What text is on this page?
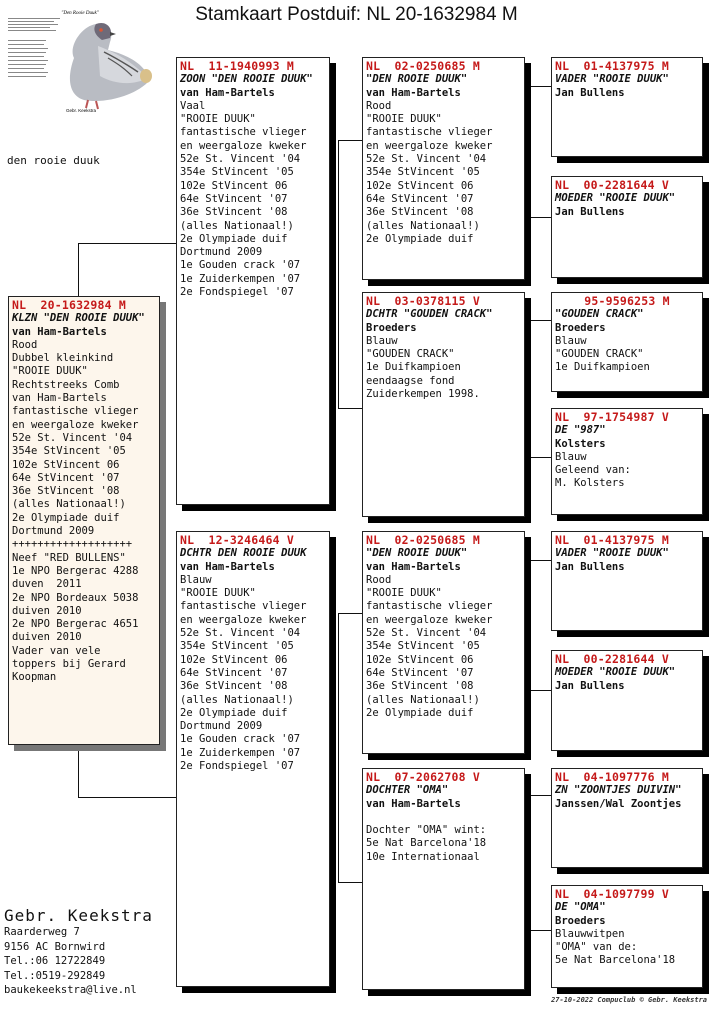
Stamkaart Postduif: NL 20-1632984 M
"Den Rooie Duuk"
Gebr. Keekstra
den rooie duuk
NL  20-1632984 M
KLZN "DEN ROOIE DUUK"
van Ham-Bartels
Rood
Dubbel kleinkind
"ROOIE DUUK"
Rechtstreeks Comb
van Ham-Bartels
fantastische vlieger
en weergaloze kweker
52e St. Vincent '04
354e StVincent '05
102e StVincent 06
64e StVincent '07
36e StVincent '08
(alles Nationaal!)
2e Olympiade duif
Dortmund 2009
+++++++++++++++++++
Neef "RED BULLENS"
1e NPO Bergerac 4288
duven  2011
2e NPO Bordeaux 5038
duiven 2010
2e NPO Bergerac 4651
duiven 2010
Vader van vele
toppers bij Gerard
Koopman
NL  11-1940993 M
ZOON "DEN ROOIE DUUK"
van Ham-Bartels
Vaal
"ROOIE DUUK"
fantastische vlieger
en weergaloze kweker
52e St. Vincent '04
354e StVincent '05
102e StVincent 06
64e StVincent '07
36e StVincent '08
(alles Nationaal!)
2e Olympiade duif
Dortmund 2009
1e Gouden crack '07
1e Zuiderkempen '07
2e Fondspiegel '07
NL  12-3246464 V
DCHTR DEN ROOIE DUUK
van Ham-Bartels
Blauw
"ROOIE DUUK"
fantastische vlieger
en weergaloze kweker
52e St. Vincent '04
354e StVincent '05
102e StVincent 06
64e StVincent '07
36e StVincent '08
(alles Nationaal!)
2e Olympiade duif
Dortmund 2009
1e Gouden crack '07
1e Zuiderkempen '07
2e Fondspiegel '07
NL  02-0250685 M
"DEN ROOIE DUUK"
van Ham-Bartels
Rood
"ROOIE DUUK"
fantastische vlieger
en weergaloze kweker
52e St. Vincent '04
354e StVincent '05
102e StVincent 06
64e StVincent '07
36e StVincent '08
(alles Nationaal!)
2e Olympiade duif
NL  03-0378115 V
DCHTR "GOUDEN CRACK"
Broeders
Blauw
"GOUDEN CRACK"
1e Duifkampioen
eendaagse fond
Zuiderkempen 1998.
NL  02-0250685 M
"DEN ROOIE DUUK"
van Ham-Bartels
Rood
"ROOIE DUUK"
fantastische vlieger
en weergaloze kweker
52e St. Vincent '04
354e StVincent '05
102e StVincent 06
64e StVincent '07
36e StVincent '08
(alles Nationaal!)
2e Olympiade duif
NL  07-2062708 V
DOCHTER "OMA"
van Ham-Bartels

Dochter "OMA" wint:
5e Nat Barcelona'18
10e Internationaal
NL  01-4137975 M
VADER "ROOIE DUUK"
Jan Bullens
NL  00-2281644 V
MOEDER "ROOIE DUUK"
Jan Bullens
95-9596253 M
"GOUDEN CRACK"
Broeders
Blauw
"GOUDEN CRACK"
1e Duifkampioen
NL  97-1754987 V
DE "987"
Kolsters
Blauw
Geleend van:
M. Kolsters
NL  01-4137975 M
VADER "ROOIE DUUK"
Jan Bullens
NL  00-2281644 V
MOEDER "ROOIE DUUK"
Jan Bullens
NL  04-1097776 M
ZN "ZOONTJES DUIVIN"
Janssen/Wal Zoontjes
NL  04-1097799 V
DE "OMA"
Broeders
Blauwwitpen
"OMA" van de:
5e Nat Barcelona'18
Gebr. Keekstra
Raarderweg 7
9156 AC Bornwird
Tel.:06 12722849
Tel.:0519-292849
baukekeekstra@live.nl
27-10-2022 Compuclub © Gebr. Keekstra
